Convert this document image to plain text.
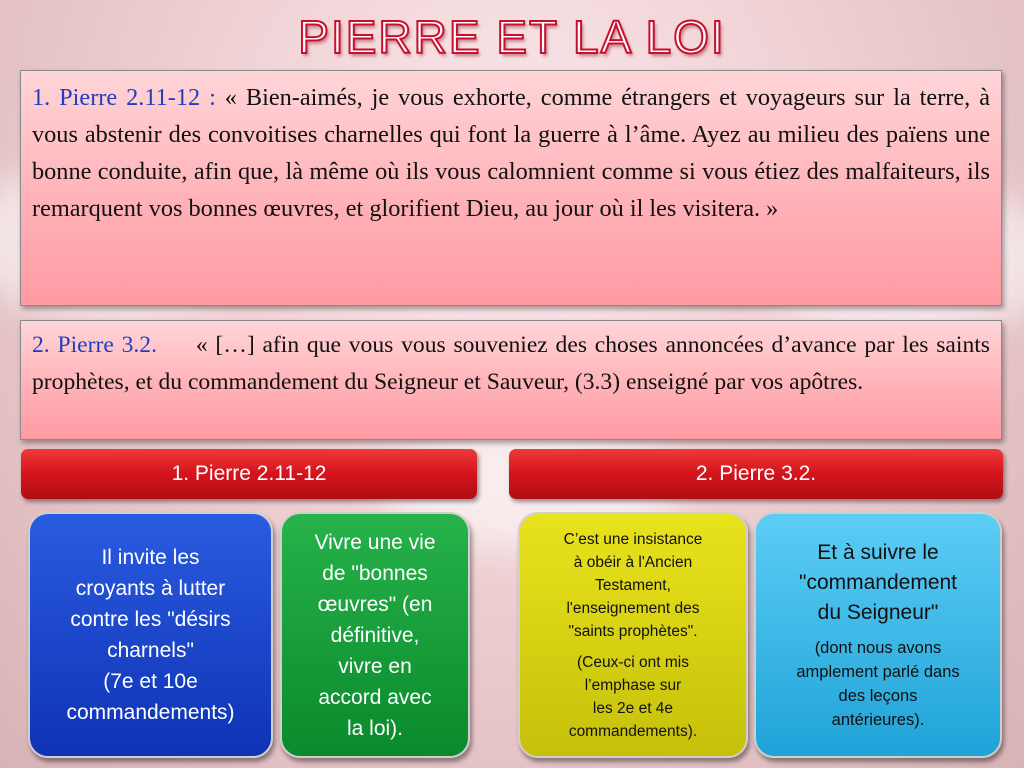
PIERRE ET LA LOI
1. Pierre 2.11-12 : « Bien-aimés, je vous exhorte, comme étrangers et voyageurs sur la terre, à vous abstenir des convoitises charnelles qui font la guerre à l’âme. Ayez au milieu des païens une bonne conduite, afin que, là même où ils vous calomnient comme si vous étiez des malfaiteurs, ils remarquent vos bonnes œuvres, et glorifient Dieu, au jour où il les visitera. »
2. Pierre 3.2.     « […] afin que vous vous souveniez des choses annoncées d’avance par les saints prophètes, et du commandement du Seigneur et Sauveur, (3.3) enseigné par vos apôtres.
1. Pierre 2.11-12	2. Pierre 3.2.
Il invite les
croyants à lutter
contre les "désirs
charnels"
(7e et 10e
commandements)
Vivre une vie
de "bonnes
œuvres" (en
définitive,
vivre en
accord avec
la loi).
C’est une insistance
à obéir à l'Ancien
Testament,
l'enseignement des
"saints prophètes".
(Ceux-ci ont mis
l’emphase sur
les 2e et 4e
commandements).
Et à suivre le
"commandement
du Seigneur"
(dont nous avons
amplement parlé dans
des leçons
antérieures).
